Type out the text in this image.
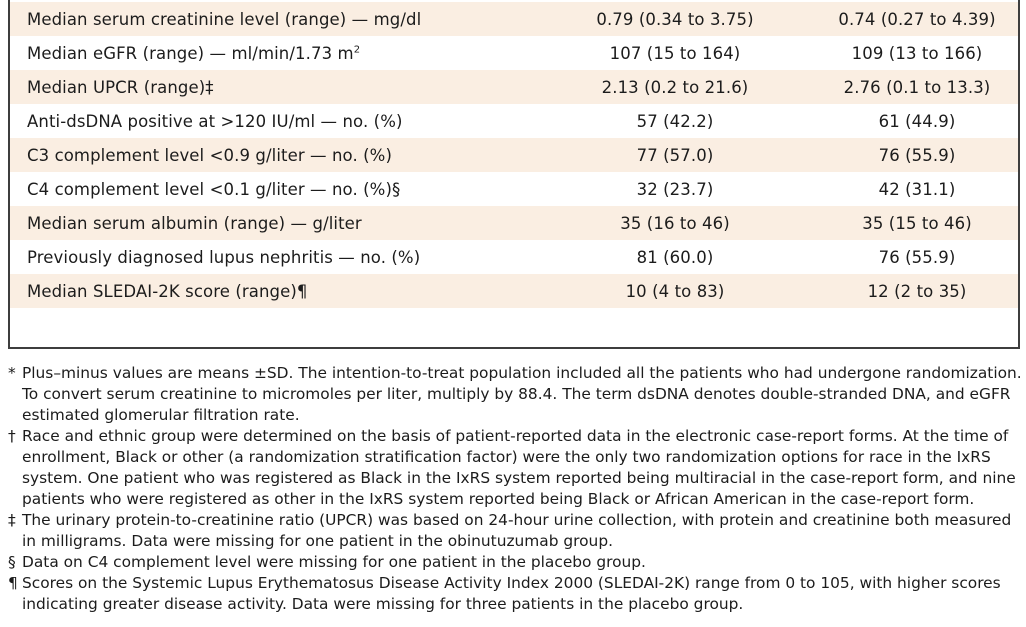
Median serum creatinine level (range) — mg/dl	0.79 (0.34 to 3.75)	0.74 (0.27 to 4.39)
Median eGFR (range) — ml/min/1.73 $m^2$	107 (15 to 164)	109 (13 to 166)
Median UPCR (range)‡	2.13 (0.2 to 21.6)	2.76 (0.1 to 13.3)
Anti-dsDNA positive at >120 IU/ml — no. (%)	57 (42.2)	61 (44.9)
C3 complement level <0.9 g/liter — no. (%)	77 (57.0)	76 (55.9)
C4 complement level <0.1 g/liter — no. (%)§	32 (23.7)	42 (31.1)
Median serum albumin (range) — g/liter	35 (16 to 46)	35 (15 to 46)
Previously diagnosed lupus nephritis — no. (%)	81 (60.0)	76 (55.9)
Median SLEDAI-2K score (range)¶	10 (4 to 83)	12 (2 to 35)
* Plus–minus values are means ±SD. The intention-to-treat population included all the patients who had undergone randomization. To convert serum creatinine to micromoles per liter, multiply by 88.4. The term dsDNA denotes double-stranded DNA, and eGFR estimated glomerular filtration rate.
† Race and ethnic group were determined on the basis of patient-reported data in the electronic case-report forms. At the time of enrollment, Black or other (a randomization stratification factor) were the only two randomization options for race in the IxRS system. One patient who was registered as Black in the IxRS system reported being multiracial in the case-report form, and nine patients who were registered as other in the IxRS system reported being Black or African American in the case-report form.
‡ The urinary protein-to-creatinine ratio (UPCR) was based on 24-hour urine collection, with protein and creatinine both measured in milligrams. Data were missing for one patient in the obinutuzumab group.
§ Data on C4 complement level were missing for one patient in the placebo group.
¶ Scores on the Systemic Lupus Erythematosus Disease Activity Index 2000 (SLEDAI-2K) range from 0 to 105, with higher scores indicating greater disease activity. Data were missing for three patients in the placebo group.
